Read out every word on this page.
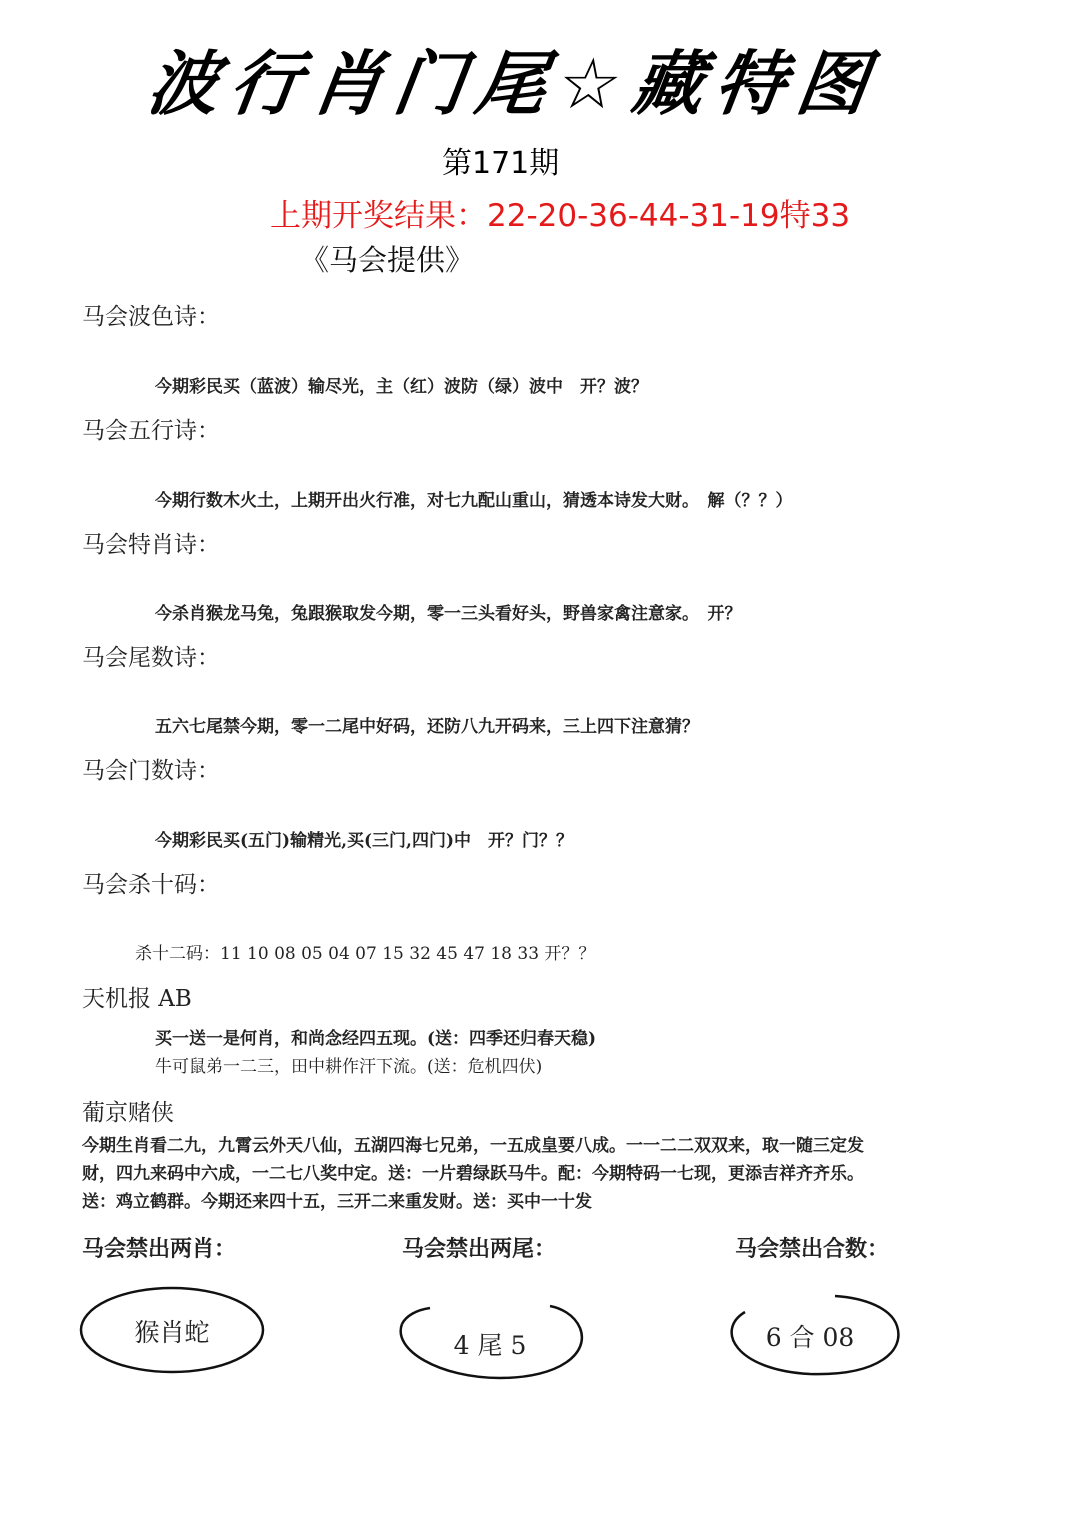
波行肖门尾☆藏特图
第171期
上期开奖结果：22-20-36-44-31-19特33
《马会提供》
马会波色诗：
今期彩民买（蓝波）输尽光，主（红）波防（绿）波中　开？波？
马会五行诗：
今期行数木火土，上期开出火行准，对七九配山重山，猜透本诗发大财。　解（？？）
马会特肖诗：
今杀肖猴龙马兔，兔跟猴取发今期，零一三头看好头，野兽家禽注意家。　开？
马会尾数诗：
五六七尾禁今期，零一二尾中好码，还防八九开码来，三上四下注意猜？
马会门数诗：
今期彩民买(五门)输精光,买(三门,四门)中　开？门？？
马会杀十码：
杀十二码：11 10 08 05 04 07 15 32 45 47 18 33 开？？
天机报 AB
买一送一是何肖，和尚念经四五现。(送：四季还归春天稳)
牛可鼠弟一二三，田中耕作汗下流。(送：危机四伏)
葡京赌侠
今期生肖看二九，九霄云外天八仙，五湖四海七兄弟，一五成皇要八成。一一二二双双来，取一随三定发
财，四九来码中六成，一二七八奖中定。送：一片碧绿跃马牛。配：今期特码一七现，更添吉祥齐齐乐。
送：鸡立鹤群。今期还来四十五，三开二来重发财。送：买中一十发
马会禁出两肖：	马会禁出两尾：	马会禁出合数：
猴肖蛇	4 尾 5	6 合 08
